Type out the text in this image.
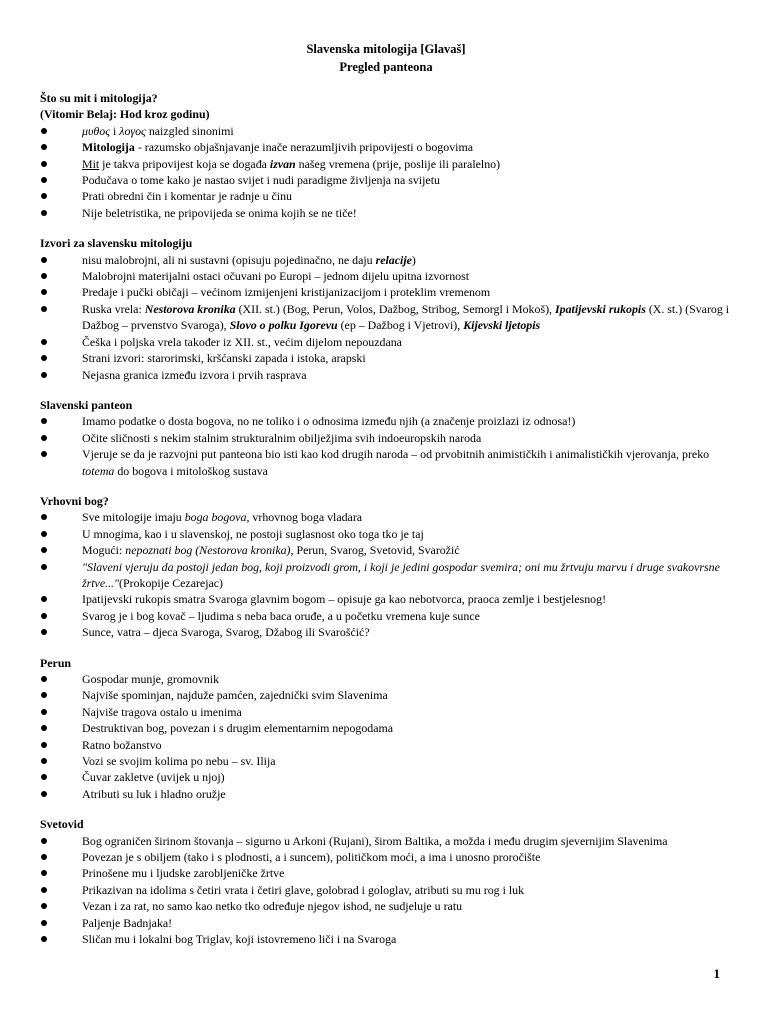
Slavenska mitologija [Glavaš]
Pregled panteona
Što su mit i mitologija?
(Vitomir Belaj: Hod kroz godinu)
μυθος i λογος naizgled sinonimi
Mitologija - razumsko objašnjavanje inače nerazumljivih pripovijesti o bogovima
Mit je takva pripovijest koja se događa izvan našeg vremena (prije, poslije ili paralelno)
Podučava o tome kako je nastao svijet i nudi paradigme življenja na svijetu
Prati obredni čin i komentar je radnje u činu
Nije beletristika, ne pripovijeda se onima kojih se ne tiče!
Izvori za slavensku mitologiju
nisu malobrojni, ali ni sustavni (opisuju pojedinačno, ne daju relacije)
Malobrojni materijalni ostaci očuvani po Europi – jednom dijelu upitna izvornost
Predaje i pučki običaji – većinom izmijenjeni kristijanizacijom i proteklim vremenom
Ruska vrela: Nestorova kronika (XII. st.) (Bog, Perun, Volos, Dažbog, Stribog, Semorgl i Mokoš), Ipatijevski rukopis (X. st.) (Svarog i Dažbog – prvenstvo Svaroga), Slovo o polku Igorevu (ep – Dažbog i Vjetrovi), Kijevski ljetopis
Češka i poljska vrela također iz XII. st., većim dijelom nepouzdana
Strani izvori: starorimski, kršćanski zapada i istoka, arapski
Nejasna granica između izvora i prvih rasprava
Slavenski panteon
Imamo podatke o dosta bogova, no ne toliko i o odnosima između njih (a značenje proizlazi iz odnosa!)
Očite sličnosti s nekim stalnim strukturalnim obilježjima svih indoeuropskih naroda
Vjeruje se da je razvojni put panteona bio isti kao kod drugih naroda – od prvobitnih animističkih i animalističkih vjerovanja, preko totema do bogova i mitološkog sustava
Vrhovni bog?
Sve mitologije imaju boga bogova, vrhovnog boga vladara
U mnogima, kao i u slavenskoj, ne postoji suglasnost oko toga tko je taj
Mogući: nepoznati bog (Nestorova kronika), Perun, Svarog, Svetovid, Svarožić
"Slaveni vjeruju da postoji jedan bog, koji proizvodi grom, i koji je jedini gospodar svemira; oni mu žrtvuju marvu i druge svakovrsne žrtve..."(Prokopije Cezarejac)
Ipatijevski rukopis smatra Svaroga glavnim bogom – opisuje ga kao nebotvorca, praoca zemlje i bestjelesnog!
Svarog je i bog kovač – ljudima s neba baca oruđe, a u početku vremena kuje sunce
Sunce, vatra – djeca Svaroga, Svarog, Džabog ili Svarošćić?
Perun
Gospodar munje, gromovnik
Najviše spominjan, najduže pamćen, zajednički svim Slavenima
Najviše tragova ostalo u imenima
Destruktivan bog, povezan i s drugim elementarnim nepogodama
Ratno božanstvo
Vozi se svojim kolima po nebu – sv. Ilija
Čuvar zakletve (uvijek u njoj)
Atributi su luk i hladno oružje
Svetovid
Bog ograničen širinom štovanja – sigurno u Arkoni (Rujani), širom Baltika, a možda i među drugim sjevernijim Slavenima
Povezan je s obiljem (tako i s plodnosti, a i suncem), političkom moći, a ima i unosno proročište
Prinošene mu i ljudske zarobljeničke žrtve
Prikazivan na idolima s četiri vrata i četiri glave, golobrad i gologlav, atributi su mu rog i luk
Vezan i za rat, no samo kao netko tko određuje njegov ishod, ne sudjeluje u ratu
Paljenje Badnjaka!
Sličan mu i lokalni bog Triglav, koji istovremeno liči i na Svaroga
1
